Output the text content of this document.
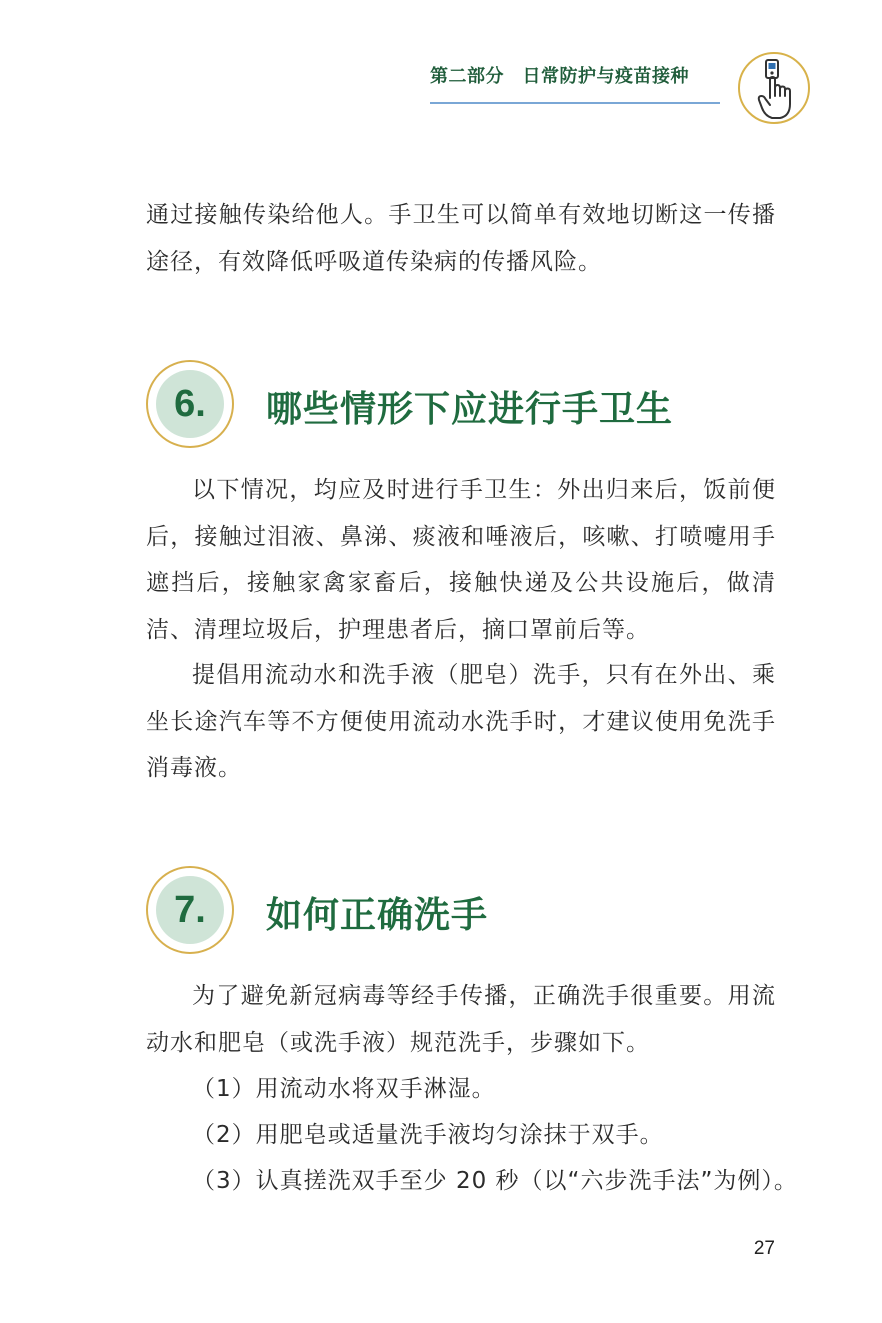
第二部分　日常防护与疫苗接种

通过接触传染给他人。手卫生可以简单有效地切断这一传播途径，有效降低呼吸道传染病的传播风险。

6.	哪些情形下应进行手卫生

以下情况，均应及时进行手卫生：外出归来后，饭前便后，接触过泪液、鼻涕、痰液和唾液后，咳嗽、打喷嚏用手遮挡后，接触家禽家畜后，接触快递及公共设施后，做清洁、清理垃圾后，护理患者后，摘口罩前后等。

提倡用流动水和洗手液（肥皂）洗手，只有在外出、乘坐长途汽车等不方便使用流动水洗手时，才建议使用免洗手消毒液。

7.	如何正确洗手

为了避免新冠病毒等经手传播，正确洗手很重要。用流动水和肥皂（或洗手液）规范洗手，步骤如下。

（1）用流动水将双手淋湿。
（2）用肥皂或适量洗手液均匀涂抹于双手。
（3）认真搓洗双手至少 20 秒（以“六步洗手法”为例）。
27
